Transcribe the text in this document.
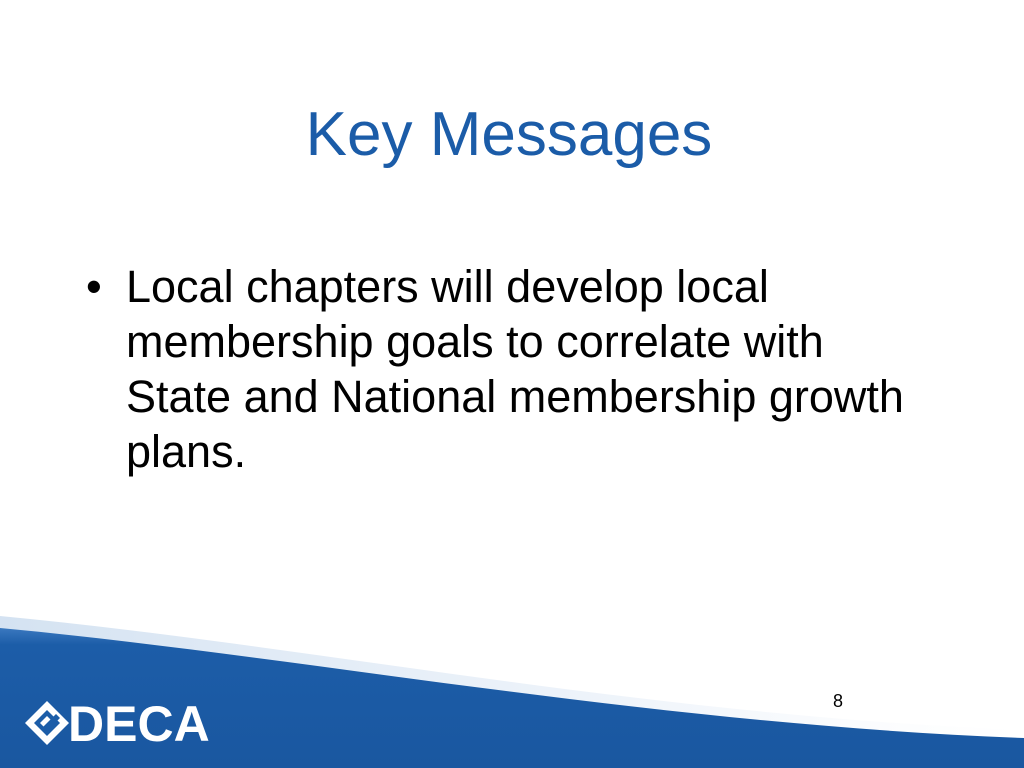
Key Messages
• Local chapters will develop local membership goals to correlate with State and National membership growth plans.
DECA	8
